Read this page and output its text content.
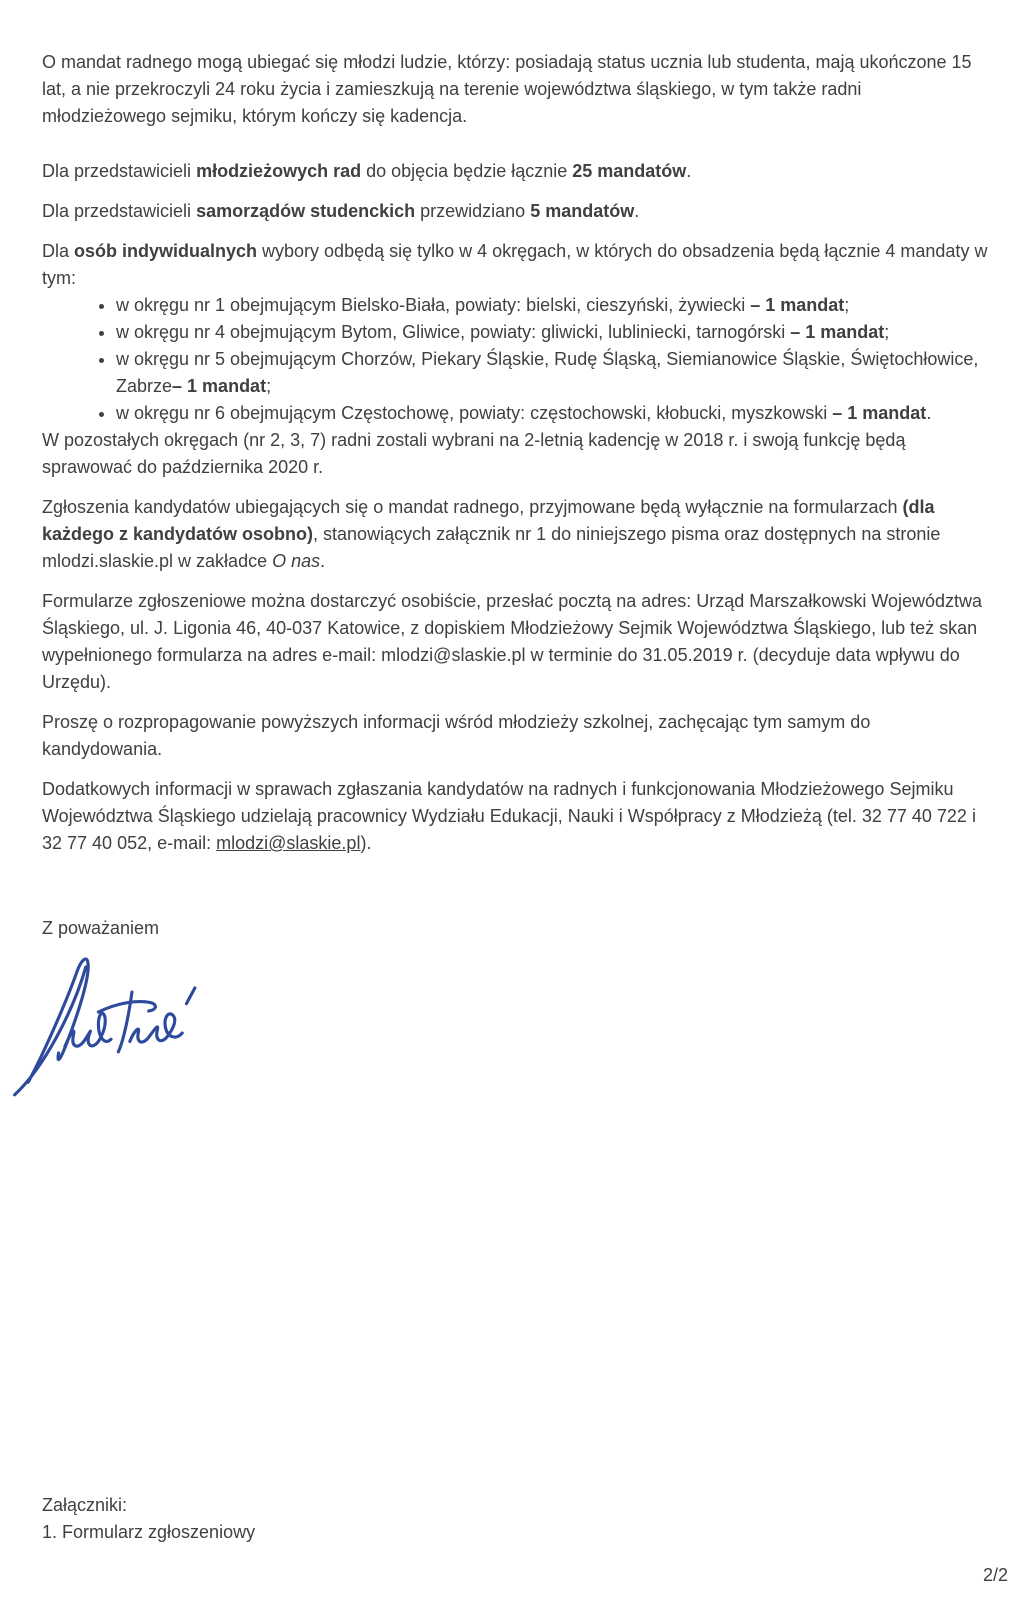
O mandat radnego mogą ubiegać się młodzi ludzie, którzy: posiadają status ucznia lub studenta, mają ukończone 15 lat, a nie przekroczyli 24 roku życia i zamieszkują na terenie województwa śląskiego, w tym także radni młodzieżowego sejmiku, którym kończy się kadencja.

Dla przedstawicieli młodzieżowych rad do objęcia będzie łącznie 25 mandatów.

Dla przedstawicieli samorządów studenckich przewidziano 5 mandatów.

Dla osób indywidualnych wybory odbędą się tylko w 4 okręgach, w których do obsadzenia będą łącznie 4 mandaty w tym:

• w okręgu nr 1 obejmującym Bielsko-Biała, powiaty: bielski, cieszyński, żywiecki – 1 mandat;
• w okręgu nr 4 obejmującym Bytom, Gliwice, powiaty: gliwicki, lubliniecki, tarnogórski – 1 mandat;
• w okręgu nr 5 obejmującym Chorzów, Piekary Śląskie, Rudę Śląską, Siemianowice Śląskie, Świętochłowice, Zabrze– 1 mandat;
• w okręgu nr 6 obejmującym Częstochowę, powiaty: częstochowski, kłobucki, myszkowski – 1 mandat.

W pozostałych okręgach (nr 2, 3, 7) radni zostali wybrani na 2-letnią kadencję w 2018 r. i swoją funkcję będą sprawować do października 2020 r.

Zgłoszenia kandydatów ubiegających się o mandat radnego, przyjmowane będą wyłącznie na formularzach (dla każdego z kandydatów osobno), stanowiących załącznik nr 1 do niniejszego pisma oraz dostępnych na stronie mlodzi.slaskie.pl w zakładce O nas.

Formularze zgłoszeniowe można dostarczyć osobiście, przesłać pocztą na adres: Urząd Marszałkowski Województwa Śląskiego, ul. J. Ligonia 46, 40-037 Katowice, z dopiskiem Młodzieżowy Sejmik Województwa Śląskiego, lub też skan wypełnionego formularza na adres e-mail: mlodzi@slaskie.pl w terminie do 31.05.2019 r. (decyduje data wpływu do Urzędu).

Proszę o rozpropagowanie powyższych informacji wśród młodzieży szkolnej, zachęcając tym samym do kandydowania.

Dodatkowych informacji w sprawach zgłaszania kandydatów na radnych i funkcjonowania Młodzieżowego Sejmiku Województwa Śląskiego udzielają pracownicy Wydziału Edukacji, Nauki i Współpracy z Młodzieżą (tel. 32 77 40 722 i 32 77 40 052, e-mail: mlodzi@slaskie.pl).

Z poważaniem

Załączniki:
1. Formularz zgłoszeniowy
2/2
